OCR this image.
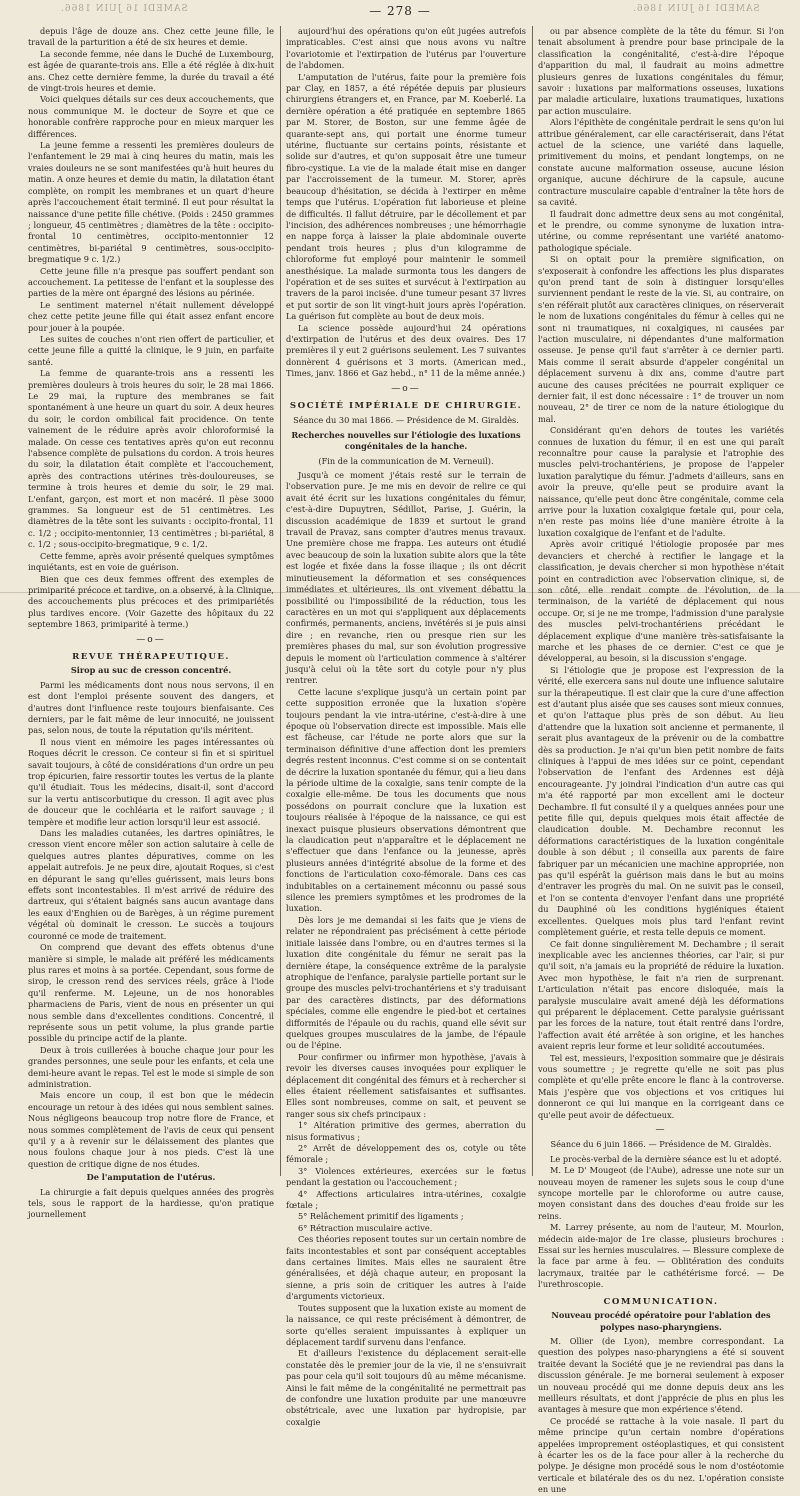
SAMEDI 16 JUIN 1866.	— 278 —	SAMEDI 16 JUIN 1866.

depuis l'âge de douze ans. Chez cette jeune fille, le travail de la parturition a été de six heures et demie.

La seconde femme, née dans le Duché de Luxembourg, est âgée de quarante-trois ans. Elle a été réglée à dix-huit ans. Chez cette dernière femme, la durée du travail a été de vingt-trois heures et demie.

Voici quelques détails sur ces deux accouchements, que nous communique M. le docteur de Soyre et que ce honorable confrère rapproche pour en mieux marquer les différences.

La jeune femme a ressenti les premières douleurs de l'enfantement le 29 mai à cinq heures du matin, mais les vraies douleurs ne se sont manifestées qu'à huit heures du matin. A onze heures et demie du matin, la dilatation étant complète, on rompit les membranes et un quart d'heure après l'accouchement était terminé. Il eut pour résultat la naissance d'une petite fille chétive. (Poids : 2450 grammes ; longueur, 45 centimètres ; diamètres de la tête : occipito-frontal 10 centimètres, occipito-mentonnier 12 centimètres, bi-pariétal 9 centimètres, sous-occipito-bregmatique 9 c. 1/2.)

Cette jeune fille n'a presque pas souffert pendant son accouchement. La petitesse de l'enfant et la souplesse des parties de la mère ont épargné des lésions au périnée.

Le sentiment maternel n'était nullement développé chez cette petite jeune fille qui était assez enfant encore pour jouer à la poupée.

Les suites de couches n'ont rien offert de particulier, et cette jeune fille a quitté la clinique, le 9 juin, en parfaite santé.

La femme de quarante-trois ans a ressenti les premières douleurs à trois heures du soir, le 28 mai 1866. Le 29 mai, la rupture des membranes se fait spontanément à une heure un quart du soir. A deux heures du soir, le cordon ombilical fait procidence. On tente vainement de le réduire après avoir chloroformisé la malade. On cesse ces tentatives après qu'on eut reconnu l'absence complète de pulsations du cordon. A trois heures du soir, la dilatation était complète et l'accouchement, après des contractions utérines très-douloureuses, se termine à trois heures et demie du soir, le 29 mai. L'enfant, garçon, est mort et non macéré. Il pèse 3000 grammes. Sa longueur est de 51 centimètres. Les diamètres de la tête sont les suivants : occipito-frontal, 11 c. 1/2 ; occipito-mentonnier, 13 centimètres ; bi-pariétal, 8 c. 1/2 ; sous-occipito-bregmatique, 9 c. 1/2.

Cette femme, après avoir présenté quelques symptômes inquiétants, est en voie de guérison.

Bien que ces deux femmes offrent des exemples de primiparité précoce et tardive, on a observé, à la Clinique, des accouchements plus précoces et des primipariétés plus tardives encore. (Voir Gazette des hôpitaux du 22 septembre 1863, primiparité à terme.)

—o—
REVUE THÉRAPEUTIQUE.
Sirop au suc de cresson concentré.

Parmi les médicaments dont nous nous servons, il en est dont l'emploi présente souvent des dangers, et d'autres dont l'influence reste toujours bienfaisante. Ces derniers, par le fait même de leur innocuité, ne jouissent pas, selon nous, de toute la réputation qu'ils méritent.

Il nous vient en mémoire les pages intéressantes où Roques décrit le cresson. Ce conteur si fin et si spirituel savait toujours, à côté de considérations d'un ordre un peu trop épicurien, faire ressortir toutes les vertus de la plante qu'il étudiait. Tous les médecins, disait-il, sont d'accord sur la vertu antiscorbutique du cresson. Il agit avec plus de douceur que le cochléaria et le raifort sauvage ; il tempère et modifie leur action lorsqu'il leur est associé.

Dans les maladies cutanées, les dartres opiniâtres, le cresson vient encore mêler son action salutaire à celle de quelques autres plantes dépuratives, comme on les appelait autrefois. Je ne peux dire, ajoutait Roques, si c'est en dépurant le sang qu'elles guérissent, mais leurs bons effets sont incontestables. Il m'est arrivé de réduire des dartreux, qui s'étaient baignés sans aucun avantage dans les eaux d'Enghien ou de Barèges, à un régime purement végétal où dominait le cresson. Le succès a toujours couronné ce mode de traitement.

On comprend que devant des effets obtenus d'une manière si simple, le malade ait préféré les médicaments plus rares et moins à sa portée. Cependant, sous forme de sirop, le cresson rend des services réels, grâce à l'iode qu'il renferme. M. Lejeune, un de nos honorables pharmaciens de Paris, vient de nous en présenter un qui nous semble dans d'excellentes conditions. Concentré, il représente sous un petit volume, la plus grande partie possible du principe actif de la plante.

Deux à trois cuillerées à bouche chaque jour pour les grandes personnes, une seule pour les enfants, et cela une demi-heure avant le repas. Tel est le mode si simple de son administration.

Mais encore un coup, il est bon que le médecin encourage un retour à des idées qui nous semblent saines. Nous négligeons beaucoup trop notre flore de France, et nous sommes complètement de l'avis de ceux qui pensent qu'il y a à revenir sur le délaissement des plantes que nous foulons chaque jour à nos pieds. C'est là une question de critique digne de nos études.

De l'amputation de l'utérus.

La chirurgie a fait depuis quelques années des progrès tels, sous le rapport de la hardiesse, qu'on pratique journellement

aujourd'hui des opérations qu'on eût jugées autrefois impraticables. C'est ainsi que nous avons vu naître l'ovariotomie et l'extirpation de l'utérus par l'ouverture de l'abdomen.

L'amputation de l'utérus, faite pour la première fois par Clay, en 1857, a été répétée depuis par plusieurs chirurgiens étrangers et, en France, par M. Koeberlé. La dernière opération a été pratiquée en septembre 1865 par M. Storer, de Boston, sur une femme âgée de quarante-sept ans, qui portait une énorme tumeur utérine, fluctuante sur certains points, résistante et solide sur d'autres, et qu'on supposait être une tumeur fibro-cystique. La vie de la malade était mise en danger par l'accroissement de la tumeur. M. Storer, après beaucoup d'hésitation, se décida à l'extirper en même temps que l'utérus. L'opération fut laborieuse et pleine de difficultés. Il fallut détruire, par le décollement et par l'incision, des adhérences nombreuses ; une hémorrhagie en nappe força à laisser la plaie abdominale ouverte pendant trois heures ; plus d'un kilogramme de chloroforme fut employé pour maintenir le sommeil anesthésique. La malade surmonta tous les dangers de l'opération et de ses suites et survécut à l'extirpation au travers de la paroi incisée. d'une tumeur pesant 37 livres et put sortir de son lit vingt-huit jours après l'opération. La guérison fut complète au bout de deux mois.

La science possède aujourd'hui 24 opérations d'extirpation de l'utérus et des deux ovaires. Des 17 premières il y eut 2 guérisons seulement. Les 7 suivantes donnèrent 4 guérisons et 3 morts. (American med., Times, janv. 1866 et Gaz hebd., n° 11 de la même année.)

—o—
SOCIÉTÉ IMPÉRIALE DE CHIRURGIE.
Séance du 30 mai 1866. — Présidence de M. Giraldès.
Recherches nouvelles sur l'étiologie des luxations congénitales de la hanche.
(Fin de la communication de M. Verneuil).

Jusqu'à ce moment j'étais resté sur le terrain de l'observation pure. Je me mis en devoir de relire ce qui avait été écrit sur les luxations congénitales du fémur, c'est-à-dire Dupuytren, Sédillot, Parise, J. Guérin, la discussion académique de 1839 et surtout le grand travail de Pravaz, sans compter d'autres menus travaux. Une première chose me frappa. Les auteurs ont étudié avec beaucoup de soin la luxation subite alors que la tête est logée et fixée dans la fosse iliaque ; ils ont décrit minutieusement la déformation et ses conséquences immédiates et ultérieures, ils ont vivement débattu la possibilité ou l'impossibilité de la réduction, tous les caractères en un mot qui s'appliquent aux déplacements confirmés, permanents, anciens, invétérés si je puis ainsi dire ; en revanche, rien ou presque rien sur les premières phases du mal, sur son évolution progressive depuis le moment où l'articulation commence à s'altérer jusqu'à celui où la tête sort du cotyle pour n'y plus rentrer.

Cette lacune s'explique jusqu'à un certain point par cette supposition erronée que la luxation s'opère toujours pendant la vie intra-utérine, c'est-à-dire à une époque où l'observation directe est impossible. Mais elle est fâcheuse, car l'étude ne porte alors que sur la terminaison définitive d'une affection dont les premiers degrés restent inconnus. C'est comme si on se contentait de décrire la luxation spontanée du fémur, qui a lieu dans la période ultime de la coxalgie, sans tenir compte de la coxalgie elle-même. De tous les documents que nous possédons on pourrait conclure que la luxation est toujours réalisée à l'époque de la naissance, ce qui est inexact puisque plusieurs observations démontrent que la claudication peut n'apparaître et le déplacement ne s'effectuer que dans l'enfance ou la jeunesse, après plusieurs années d'intégrité absolue de la forme et des fonctions de l'articulation coxo-fémorale. Dans ces cas indubitables on a certainement méconnu ou passé sous silence les premiers symptômes et les prodromes de la luxation.

Dès lors je me demandai si les faits que je viens de relater ne répondraient pas précisément à cette période initiale laissée dans l'ombre, ou en d'autres termes si la luxation dite congénitale du fémur ne serait pas la dernière étape, la conséquence extrême de la paralysie atrophique de l'enfance, paralysie partielle portant sur le groupe des muscles pelvi-trochantériens et s'y traduisant par des caractères distincts, par des déformations spéciales, comme elle engendre le pied-bot et certaines difformités de l'épaule ou du rachis, quand elle sévit sur quelques groupes musculaires de la jambe, de l'épaule ou de l'épine.

Pour confirmer ou infirmer mon hypothèse, j'avais à revoir les diverses causes invoquées pour expliquer le déplacement dit congénital des fémurs et à rechercher si elles étaient réellement satisfaisantes et suffisantes. Elles sont nombreuses, comme on sait, et peuvent se ranger sous six chefs principaux :

1° Altération primitive des germes, aberration du nisus formativus ;

2° Arrêt de développement des os, cotyle ou tête fémorale ;

3° Violences extérieures, exercées sur le fœtus pendant la gestation ou l'accouchement ;

4° Affections articulaires intra-utérines, coxalgie fœtale ;

5° Relâchement primitif des ligaments ;

6° Rétraction musculaire active.

Ces théories reposent toutes sur un certain nombre de faits incontestables et sont par conséquent acceptables dans certaines limites. Mais elles ne sauraient être généralisées, et déjà chaque auteur, en proposant la sienne, a pris soin de critiquer les autres à l'aide d'arguments victorieux.

Toutes supposent que la luxation existe au moment de la naissance, ce qui reste précisément à démontrer, de sorte qu'elles seraient impuissantes à expliquer un déplacement tardif survenu dans l'enfance.

Et d'ailleurs l'existence du déplacement serait-elle constatée dès le premier jour de la vie, il ne s'ensuivrait pas pour cela qu'il soit toujours dû au même mécanisme. Ainsi le fait même de la congénitalité ne permettrait pas de confondre une luxation produite par une manœuvre obstétricale, avec une luxation par hydropisie, par coxalgie

ou par absence complète de la tête du fémur. Si l'on tenait absolument à prendre pour base principale de la classification la congénitalité, c'est-à-dire l'époque d'apparition du mal, il faudrait au moins admettre plusieurs genres de luxations congénitales du fémur, savoir : luxations par malformations osseuses, luxations par maladie articulaire, luxations traumatiques, luxations par action musculaire.

Alors l'épithète de congénitale perdrait le sens qu'on lui attribue généralement, car elle caractériserait, dans l'état actuel de la science, une variété dans laquelle, primitivement du moins, et pendant longtemps, on ne constate aucune malformation osseuse, aucune lésion organique, aucune déchirure de la capsule, aucune contracture musculaire capable d'entraîner la tête hors de sa cavité.

Il faudrait donc admettre deux sens au mot congénital, et le prendre, ou comme synonyme de luxation intra-utérine, ou comme représentant une variété anatomo-pathologique spéciale.

Si on optait pour la première signification, on s'exposerait à confondre les affections les plus disparates qu'on prend tant de soin à distinguer lorsqu'elles surviennent pendant le reste de la vie. Si, au contraire, on s'en référait plutôt aux caractères cliniques, on réserverait le nom de luxations congénitales du fémur à celles qui ne sont ni traumatiques, ni coxalgiques, ni causées par l'action musculaire, ni dépendantes d'une malformation osseuse. Je pense qu'il faut s'arrêter à ce dernier parti. Mais comme il serait absurde d'appeler congénital un déplacement survenu à dix ans, comme d'autre part aucune des causes précitées ne pourrait expliquer ce dernier fait, il est donc nécessaire : 1° de trouver un nom nouveau, 2° de tirer ce nom de la nature étiologique du mal.

Considérant qu'en dehors de toutes les variétés connues de luxation du fémur, il en est une qui paraît reconnaître pour cause la paralysie et l'atrophie des muscles pelvi-trochantériens, je propose de l'appeler luxation paralytique du fémur. J'admets d'ailleurs, sans en avoir la preuve, qu'elle peut se produire avant la naissance, qu'elle peut donc être congénitale, comme cela arrive pour la luxation coxalgique fœtale qui, pour cela, n'en reste pas moins liée d'une manière étroite à la luxation coxalgique de l'enfant et de l'adulte.

Après avoir critiqué l'étiologie proposée par mes devanciers et cherché à rectifier le langage et la classification, je devais chercher si mon hypothèse n'était point en contradiction avec l'observation clinique, si, de son côté, elle rendait compte de l'évolution, de la terminaison, de la variété de déplacement qui nous occupe. Or, si je ne me trompe, l'admission d'une paralysie des muscles pelvi-trochantériens précédant le déplacement explique d'une manière très-satisfaisante la marche et les phases de ce dernier. C'est ce que je développerai, au besoin, si la discussion s'engage.

Si l'étiologie que je propose est l'expression de la vérité, elle exercera sans nul doute une influence salutaire sur la thérapeutique. Il est clair que la cure d'une affection est d'autant plus aisée que ses causes sont mieux connues, et qu'on l'attaque plus près de son début. Au lieu d'attendre que la luxation soit ancienne et permanente, il serait plus avantageux de la prévenir ou de la combattre dès sa production. Je n'ai qu'un bien petit nombre de faits cliniques à l'appui de mes idées sur ce point, cependant l'observation de l'enfant des Ardennes est déjà encourageante. J'y joindrai l'indication d'un autre cas qui m'a été rapporté par mon excellent ami le docteur Dechambre. Il fut consulté il y a quelques années pour une petite fille qui, depuis quelques mois était affectée de claudication double. M. Dechambre reconnut les déformations caractéristiques de la luxation congénitale double à son début ; il conseilla aux parents de faire fabriquer par un mécanicien une machine appropriée, non pas qu'il espérât la guérison mais dans le but au moins d'entraver les progrès du mal. On ne suivit pas le conseil, et l'on se contenta d'envoyer l'enfant dans une propriété du Dauphiné où les conditions hygiéniques étaient excellentes. Quelques mois plus tard l'enfant revint complètement guérie, et resta telle depuis ce moment.

Ce fait donne singulièrement M. Dechambre ; il serait inexplicable avec les anciennes théories, car l'air, si pur qu'il soit, n'a jamais eu la propriété de réduire la luxation. Avec mon hypothèse, le fait n'a rien de surprenant. L'articulation n'était pas encore disloquée, mais la paralysie musculaire avait amené déjà les déformations qui préparent le déplacement. Cette paralysie guérissant par les forces de la nature, tout était rentré dans l'ordre, l'affection avait été arrêtée à son origine, et les hanches avaient repris leur forme et leur solidité accoutumées.

Tel est, messieurs, l'exposition sommaire que je désirais vous soumettre ; je regrette qu'elle ne soit pas plus complète et qu'elle prête encore le flanc à la controverse. Mais j'espère que vos objections et vos critiques lui donneront ce qui lui manque en la corrigeant dans ce qu'elle peut avoir de défectueux.

—
Séance du 6 juin 1866. — Présidence de M. Giraldès.

Le procès-verbal de la dernière séance est lu et adopté.

M. Le D' Mougeot (de l'Aube), adresse une note sur un nouveau moyen de ramener les sujets sous le coup d'une syncope mortelle par le chloroforme ou autre cause, moyen consistant dans des douches d'eau froide sur les reins.

M. Larrey présente, au nom de l'auteur, M. Mourlon, médecin aide-major de 1re classe, plusieurs brochures : Essai sur les hernies musculaires. — Blessure complexe de la face par arme à feu. — Oblitération des conduits lacrymaux, traitée par le cathétérisme forcé. — De l'urethroscopie.

COMMUNICATION.
Nouveau procédé opératoire pour l'ablation des polypes naso-pharyngiens.

M. Ollier (de Lyon), membre correspondant. La question des polypes naso-pharyngiens a été si souvent traitée devant la Société que je ne reviendrai pas dans la discussion générale. Je me bornerai seulement à exposer un nouveau procédé qui me donne depuis deux ans les meilleurs résultats, et dont j'apprécie de plus en plus les avantages à mesure que mon expérience s'étend.

Ce procédé se rattache à la voie nasale. Il part du même principe qu'un certain nombre d'opérations appelées improprement ostéoplastiques, et qui consistent à écarter les os de la face pour aller à la recherche du polype. Je désigne mon procédé sous le nom d'ostéotomie verticale et bilatérale des os du nez. L'opération consiste en une
